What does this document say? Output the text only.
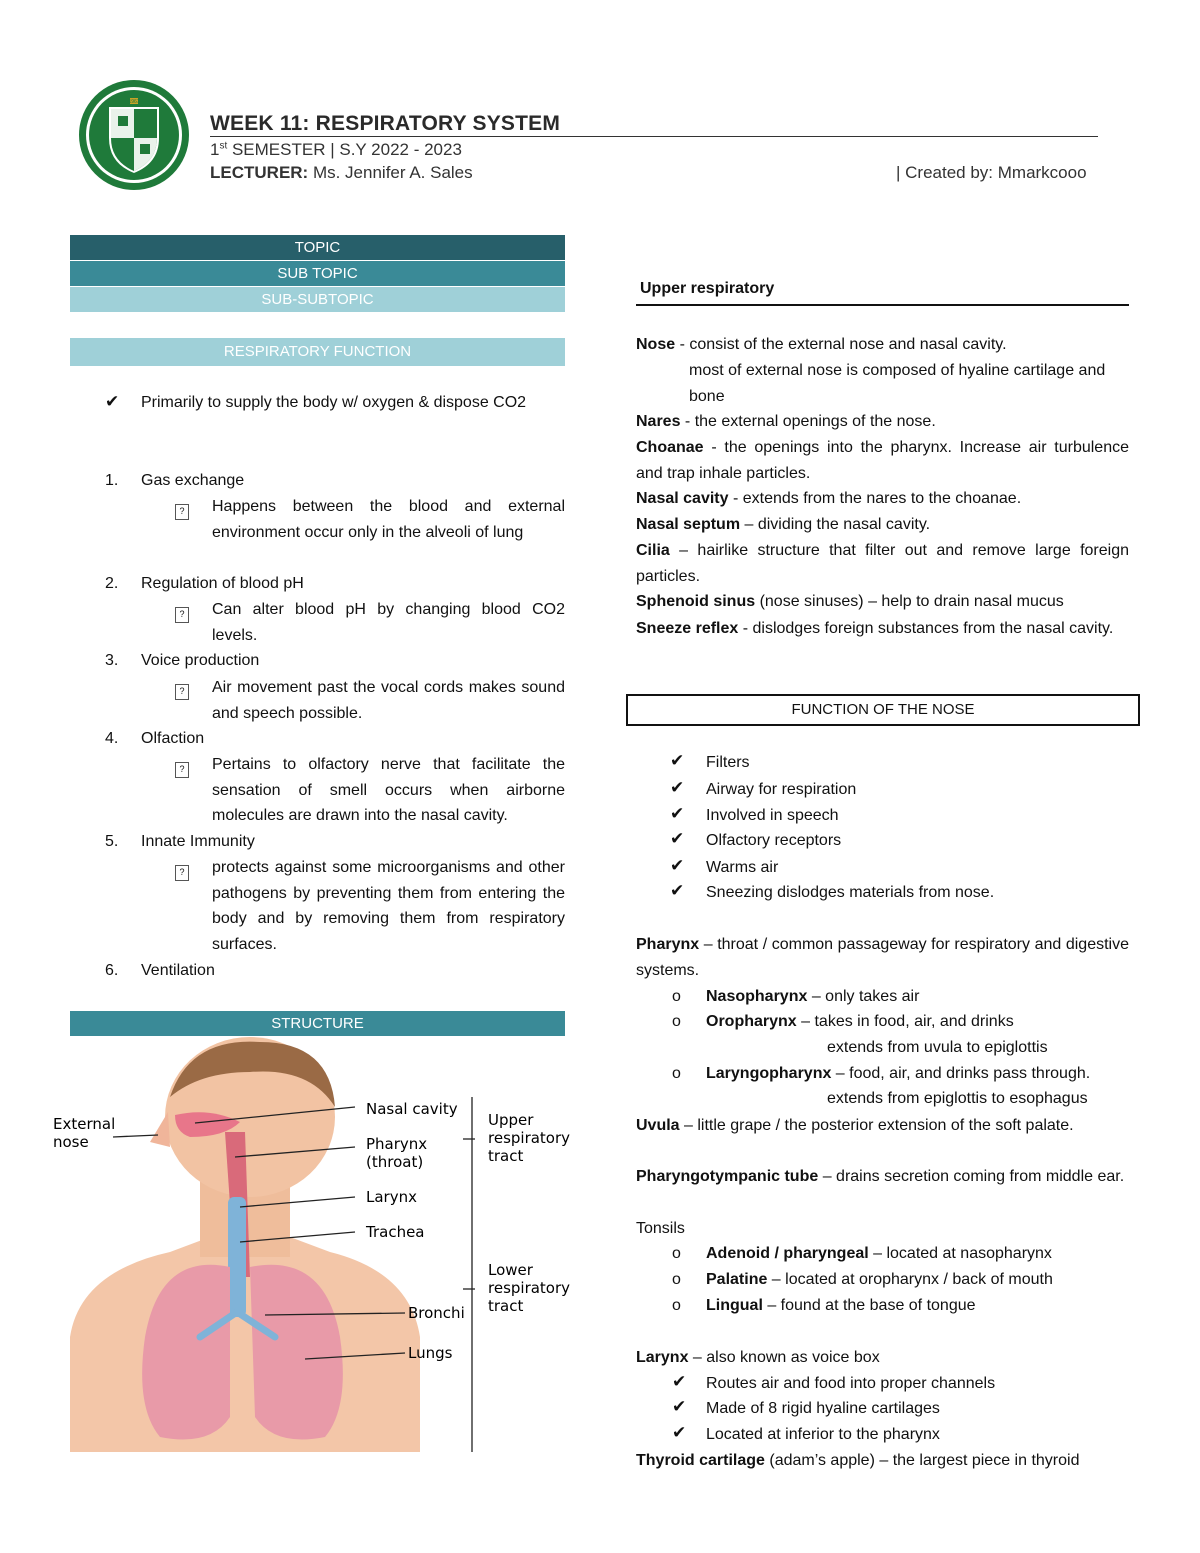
1967
WEEK 11: RESPIRATORY SYSTEM
1st SEMESTER | S.Y 2022 - 2023
LECTURER: Ms. Jennifer A. Sales	| Created by: Mmarkcooo
TOPIC
SUB TOPIC
SUB-SUBTOPIC
RESPIRATORY FUNCTION
✔ Primarily to supply the body w/ oxygen & dispose CO2
1. Gas exchange
? Happens between the blood and external environment occur only in the alveoli of lung
2. Regulation of blood pH
? Can alter blood pH by changing blood CO2 levels.
3. Voice production
? Air movement past the vocal cords makes sound and speech possible.
4. Olfaction
? Pertains to olfactory nerve that facilitate the sensation of smell occurs when airborne molecules are drawn into the nasal cavity.
5. Innate Immunity
? protects against some microorganisms and other pathogens by preventing them from entering the body and by removing them from respiratory surfaces.
6. Ventilation
STRUCTURE
External
nose
Nasal cavity
Pharynx
(throat)
Larynx
Trachea
Bronchi
Lungs
Upper
respiratory
tract
Lower
respiratory
tract
Upper respiratory
Nose - consist of the external nose and nasal cavity.
most of external nose is composed of hyaline cartilage and bone
Nares - the external openings of the nose.
Choanae - the openings into the pharynx. Increase air turbulence and trap inhale particles.
Nasal cavity - extends from the nares to the choanae.
Nasal septum – dividing the nasal cavity.
Cilia – hairlike structure that filter out and remove large foreign particles.
Sphenoid sinus (nose sinuses) – help to drain nasal mucus
Sneeze reflex - dislodges foreign substances from the nasal cavity.
FUNCTION OF THE NOSE
✔ Filters
✔ Airway for respiration
✔ Involved in speech
✔ Olfactory receptors
✔ Warms air
✔ Sneezing dislodges materials from nose.
Pharynx – throat / common passageway for respiratory and digestive systems.
o Nasopharynx – only takes air
o Oropharynx – takes in food, air, and drinks
extends from uvula to epiglottis
o Laryngopharynx – food, air, and drinks pass through.
extends from epiglottis to esophagus
Uvula – little grape / the posterior extension of the soft palate.
Pharyngotympanic tube – drains secretion coming from middle ear.
Tonsils
o Adenoid / pharyngeal – located at nasopharynx
o Palatine – located at oropharynx / back of mouth
o Lingual – found at the base of tongue
Larynx – also known as voice box
✔ Routes air and food into proper channels
✔ Made of 8 rigid hyaline cartilages
✔ Located at inferior to the pharynx
Thyroid cartilage (adam’s apple) – the largest piece in thyroid
